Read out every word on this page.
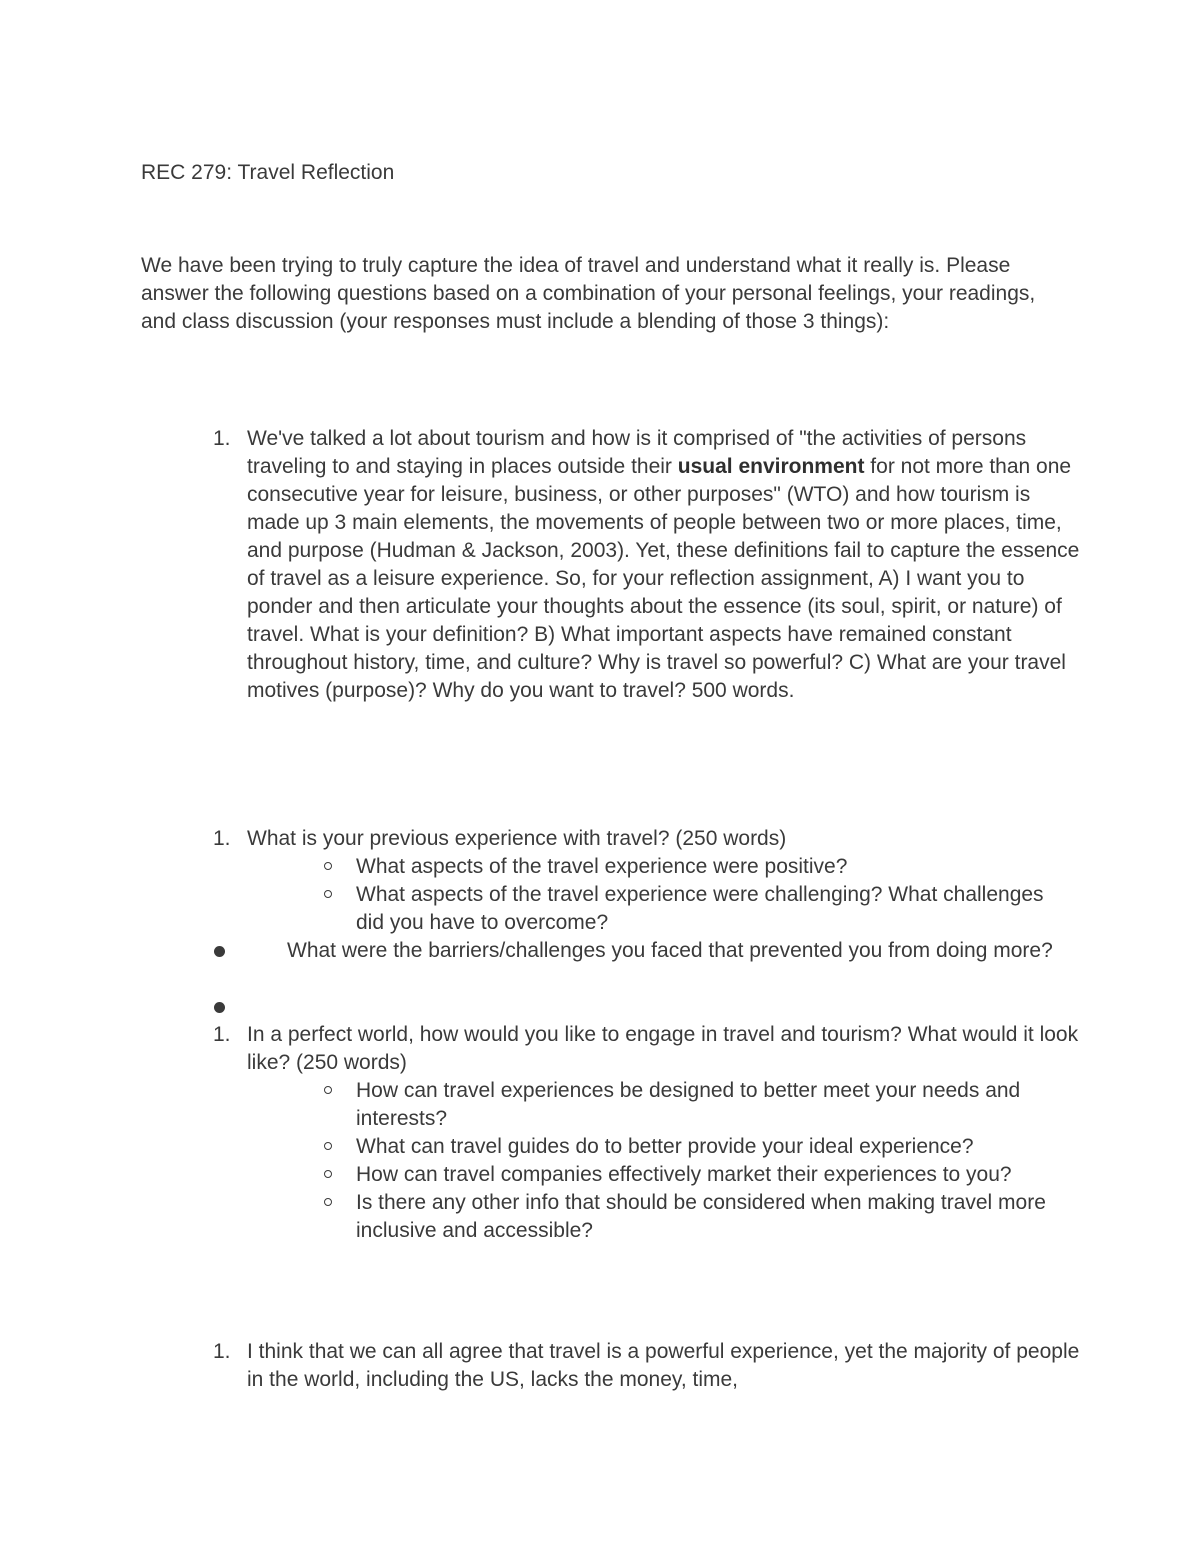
REC 279: Travel Reflection

We have been trying to truly capture the idea of travel and understand what it really is. Please answer the following questions based on a combination of your personal feelings, your readings, and class discussion (your responses must include a blending of those 3 things):

1. We've talked a lot about tourism and how is it comprised of "the activities of persons traveling to and staying in places outside their usual environment for not more than one consecutive year for leisure, business, or other purposes" (WTO) and how tourism is made up 3 main elements, the movements of people between two or more places, time, and purpose (Hudman & Jackson, 2003). Yet, these definitions fail to capture the essence of travel as a leisure experience. So, for your reflection assignment, A) I want you to ponder and then articulate your thoughts about the essence (its soul, spirit, or nature) of travel. What is your definition? B) What important aspects have remained constant throughout history, time, and culture? Why is travel so powerful? C) What are your travel motives (purpose)? Why do you want to travel? 500 words.
1. What is your previous experience with travel? (250 words)
What aspects of the travel experience were positive?
What aspects of the travel experience were challenging? What challenges did you have to overcome?
What were the barriers/challenges you faced that prevented you from doing more?

1. In a perfect world, how would you like to engage in travel and tourism? What would it look like? (250 words)
How can travel experiences be designed to better meet your needs and interests?
What can travel guides do to better provide your ideal experience?
How can travel companies effectively market their experiences to you?
Is there any other info that should be considered when making travel more inclusive and accessible?
1. I think that we can all agree that travel is a powerful experience, yet the majority of people in the world, including the US, lacks the money, time,
